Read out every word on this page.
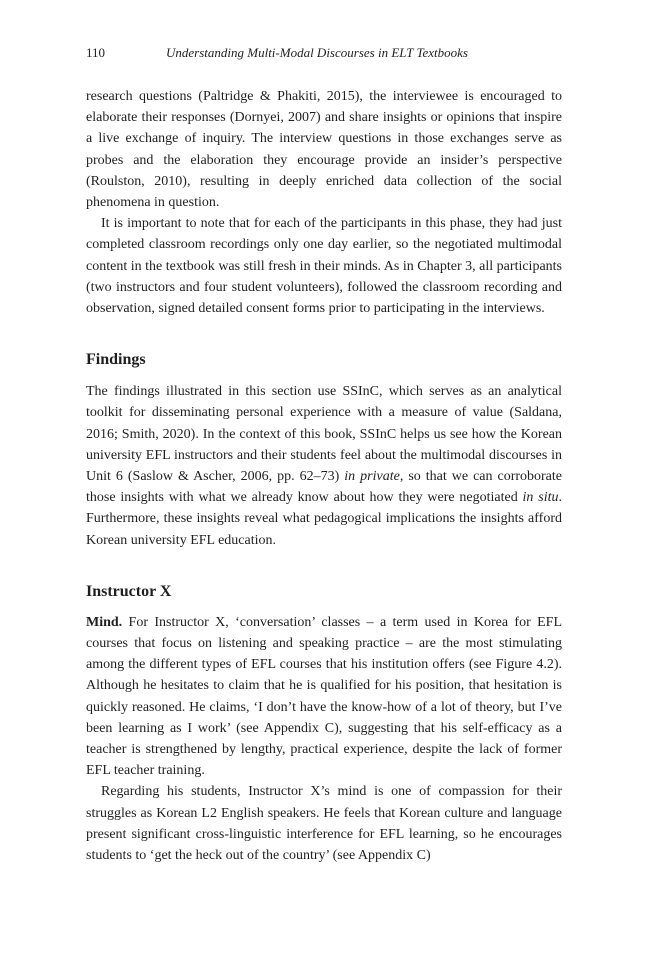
110	Understanding Multi-Modal Discourses in ELT Textbooks

research questions (Paltridge & Phakiti, 2015), the interviewee is encouraged to elaborate their responses (Dornyei, 2007) and share insights or opinions that inspire a live exchange of inquiry. The interview questions in those exchanges serve as probes and the elaboration they encourage provide an insider’s perspective (Roulston, 2010), resulting in deeply enriched data collection of the social phenomena in question.

It is important to note that for each of the participants in this phase, they had just completed classroom recordings only one day earlier, so the negotiated multimodal content in the textbook was still fresh in their minds. As in Chapter 3, all participants (two instructors and four student volunteers), followed the classroom recording and observation, signed detailed consent forms prior to participating in the interviews.

Findings

The findings illustrated in this section use SSInC, which serves as an analytical toolkit for disseminating personal experience with a measure of value (Saldana, 2016; Smith, 2020). In the context of this book, SSInC helps us see how the Korean university EFL instructors and their students feel about the multimodal discourses in Unit 6 (Saslow & Ascher, 2006, pp. 62–73) in private, so that we can corroborate those insights with what we already know about how they were negotiated in situ. Furthermore, these insights reveal what pedagogical implications the insights afford Korean university EFL education.

Instructor X

Mind. For Instructor X, ‘conversation’ classes – a term used in Korea for EFL courses that focus on listening and speaking practice – are the most stimulating among the different types of EFL courses that his institution offers (see Figure 4.2). Although he hesitates to claim that he is qualified for his position, that hesitation is quickly reasoned. He claims, ‘I don’t have the know-how of a lot of theory, but I’ve been learning as I work’ (see Appendix C), suggesting that his self-efficacy as a teacher is strengthened by lengthy, practical experience, despite the lack of former EFL teacher training.

Regarding his students, Instructor X’s mind is one of compassion for their struggles as Korean L2 English speakers. He feels that Korean culture and language present significant cross-linguistic interference for EFL learning, so he encourages students to ‘get the heck out of the country’ (see Appendix C)
